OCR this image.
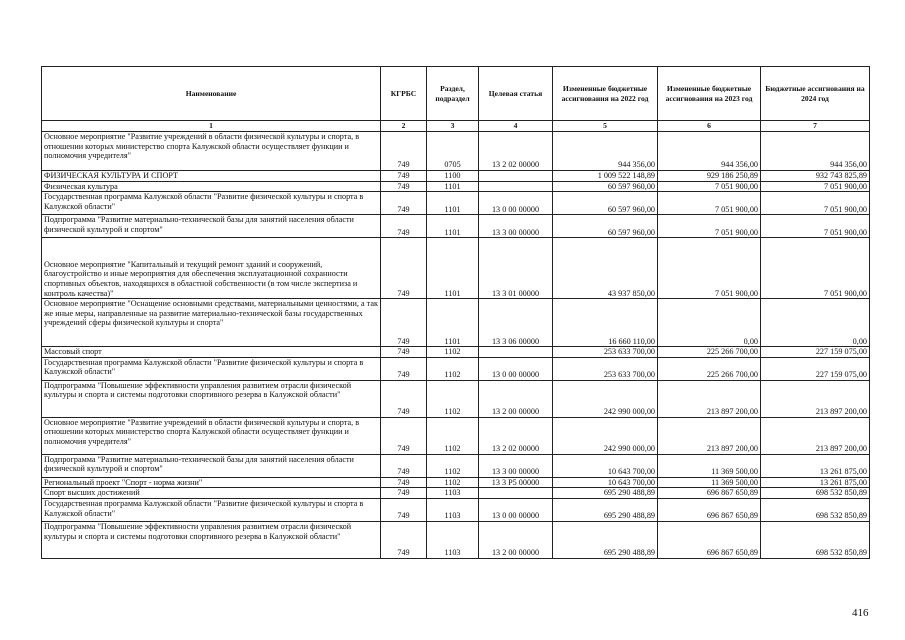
Наименование	КГРБС	Раздел, подраздел	Целевая статья	Измененные бюджетные ассигнования на 2022 год	Измененные бюджетные ассигнования на 2023 год	Бюджетные ассигнования на 2024 год
1	2	3	4	5	6	7
Основное мероприятие "Развитие учреждений в области физической культуры и спорта, в отношении которых министерство спорта Калужской области осуществляет функции и полномочия учредителя"	749	0705	13 2 02 00000	944 356,00	944 356,00	944 356,00
ФИЗИЧЕСКАЯ КУЛЬТУРА И СПОРТ	749	1100		1 009 522 148,89	929 186 250,89	932 743 825,89
Физическая культура	749	1101		60 597 960,00	7 051 900,00	7 051 900,00
Государственная программа Калужской области "Развитие физической культуры и спорта в Калужской области"	749	1101	13 0 00 00000	60 597 960,00	7 051 900,00	7 051 900,00
Подпрограмма "Развитие материально-технической базы для занятий населения области физической культурой и спортом"	749	1101	13 3 00 00000	60 597 960,00	7 051 900,00	7 051 900,00
Основное мероприятие "Капитальный и текущий ремонт зданий и сооружений, благоустройство и иные мероприятия для обеспечения эксплуатационной сохранности спортивных объектов, находящихся в областной собственности (в том числе экспертиза и контроль качества)"	749	1101	13 3 01 00000	43 937 850,00	7 051 900,00	7 051 900,00
Основное мероприятие "Оснащение основными средствами, материальными ценностями, а так же иные меры, направленные на развитие материально-технической базы государственных учреждений сферы физической культуры и спорта"	749	1101	13 3 06 00000	16 660 110,00	0,00	0,00
Массовый спорт	749	1102		253 633 700,00	225 266 700,00	227 159 075,00
Государственная программа Калужской области "Развитие физической культуры и спорта в Калужской области"	749	1102	13 0 00 00000	253 633 700,00	225 266 700,00	227 159 075,00
Подпрограмма "Повышение эффективности управления развитием отрасли физической культуры и спорта и системы подготовки спортивного резерва в Калужской области"	749	1102	13 2 00 00000	242 990 000,00	213 897 200,00	213 897 200,00
Основное мероприятие "Развитие учреждений в области физической культуры и спорта, в отношении которых министерство спорта Калужской области осуществляет функции и полномочия учредителя"	749	1102	13 2 02 00000	242 990 000,00	213 897 200,00	213 897 200,00
Подпрограмма "Развитие материально-технической базы для занятий населения области физической культурой и спортом"	749	1102	13 3 00 00000	10 643 700,00	11 369 500,00	13 261 875,00
Региональный проект "Спорт - норма жизни"	749	1102	13 3 P5 00000	10 643 700,00	11 369 500,00	13 261 875,00
Спорт высших достижений	749	1103		695 290 488,89	696 867 650,89	698 532 850,89
Государственная программа Калужской области "Развитие физической культуры и спорта в Калужской области"	749	1103	13 0 00 00000	695 290 488,89	696 867 650,89	698 532 850,89
Подпрограмма "Повышение эффективности управления развитием отрасли физической культуры и спорта и системы подготовки спортивного резерва в Калужской области"	749	1103	13 2 00 00000	695 290 488,89	696 867 650,89	698 532 850,89
416
